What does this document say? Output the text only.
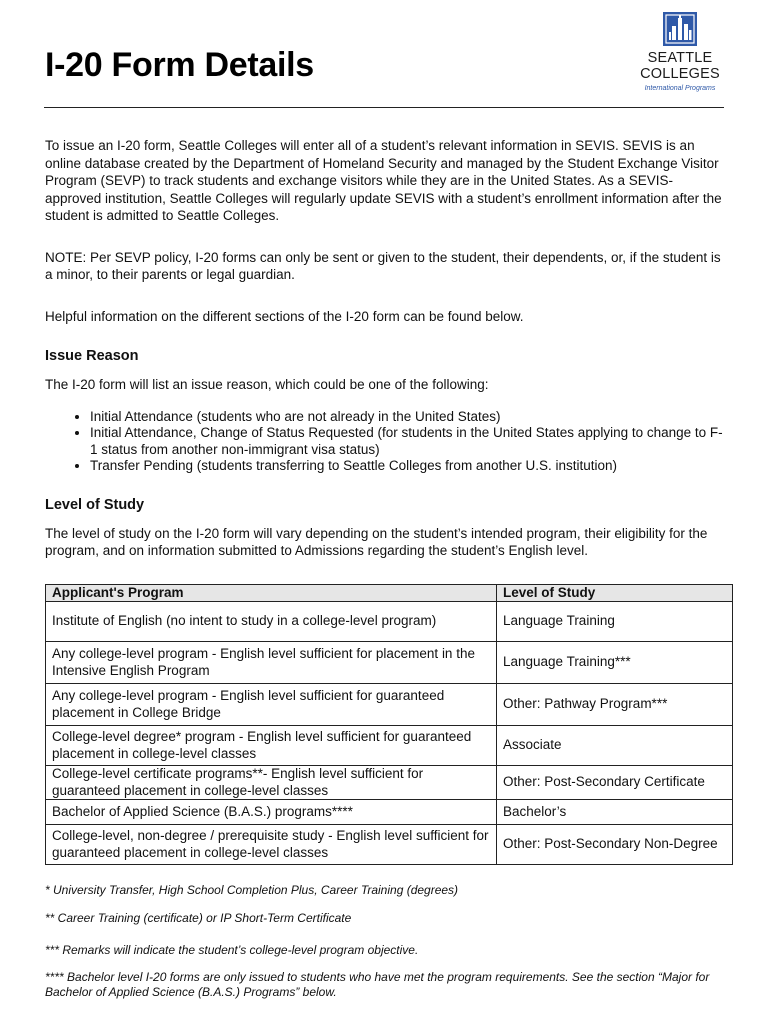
I-20 Form Details	SEATTLE
COLLEGES
International Programs

To issue an I-20 form, Seattle Colleges will enter all of a student’s relevant information in SEVIS. SEVIS is an online database created by the Department of Homeland Security and managed by the Student Exchange Visitor Program (SEVP) to track students and exchange visitors while they are in the United States. As a SEVIS-approved institution, Seattle Colleges will regularly update SEVIS with a student’s enrollment information after the student is admitted to Seattle Colleges.

NOTE: Per SEVP policy, I-20 forms can only be sent or given to the student, their dependents, or, if the student is a minor, to their parents or legal guardian.

Helpful information on the different sections of the I-20 form can be found below.

Issue Reason

The I-20 form will list an issue reason, which could be one of the following:

• Initial Attendance (students who are not already in the United States)
• Initial Attendance, Change of Status Requested (for students in the United States applying to change to F-1 status from another non-immigrant visa status)
• Transfer Pending (students transferring to Seattle Colleges from another U.S. institution)
Level of Study

The level of study on the I-20 form will vary depending on the student’s intended program, their eligibility for the program, and on information submitted to Admissions regarding the student’s English level.

Applicant's Program	Level of Study
Institute of English (no intent to study in a college-level program)	Language Training
Any college-level program - English level sufficient for placement in the Intensive English Program	Language Training***
Any college-level program - English level sufficient for guaranteed placement in College Bridge	Other: Pathway Program***
College-level degree* program - English level sufficient for guaranteed placement in college-level classes	Associate
College-level certificate programs**- English level sufficient for guaranteed placement in college-level classes	Other: Post-Secondary Certificate
Bachelor of Applied Science (B.A.S.) programs****	Bachelor’s
College-level, non-degree / prerequisite study - English level sufficient for guaranteed placement in college-level classes	Other: Post-Secondary Non-Degree

* University Transfer, High School Completion Plus, Career Training (degrees)

** Career Training (certificate) or IP Short-Term Certificate

*** Remarks will indicate the student’s college-level program objective.

**** Bachelor level I-20 forms are only issued to students who have met the program requirements. See the section “Major for Bachelor of Applied Science (B.A.S.) Programs” below.
